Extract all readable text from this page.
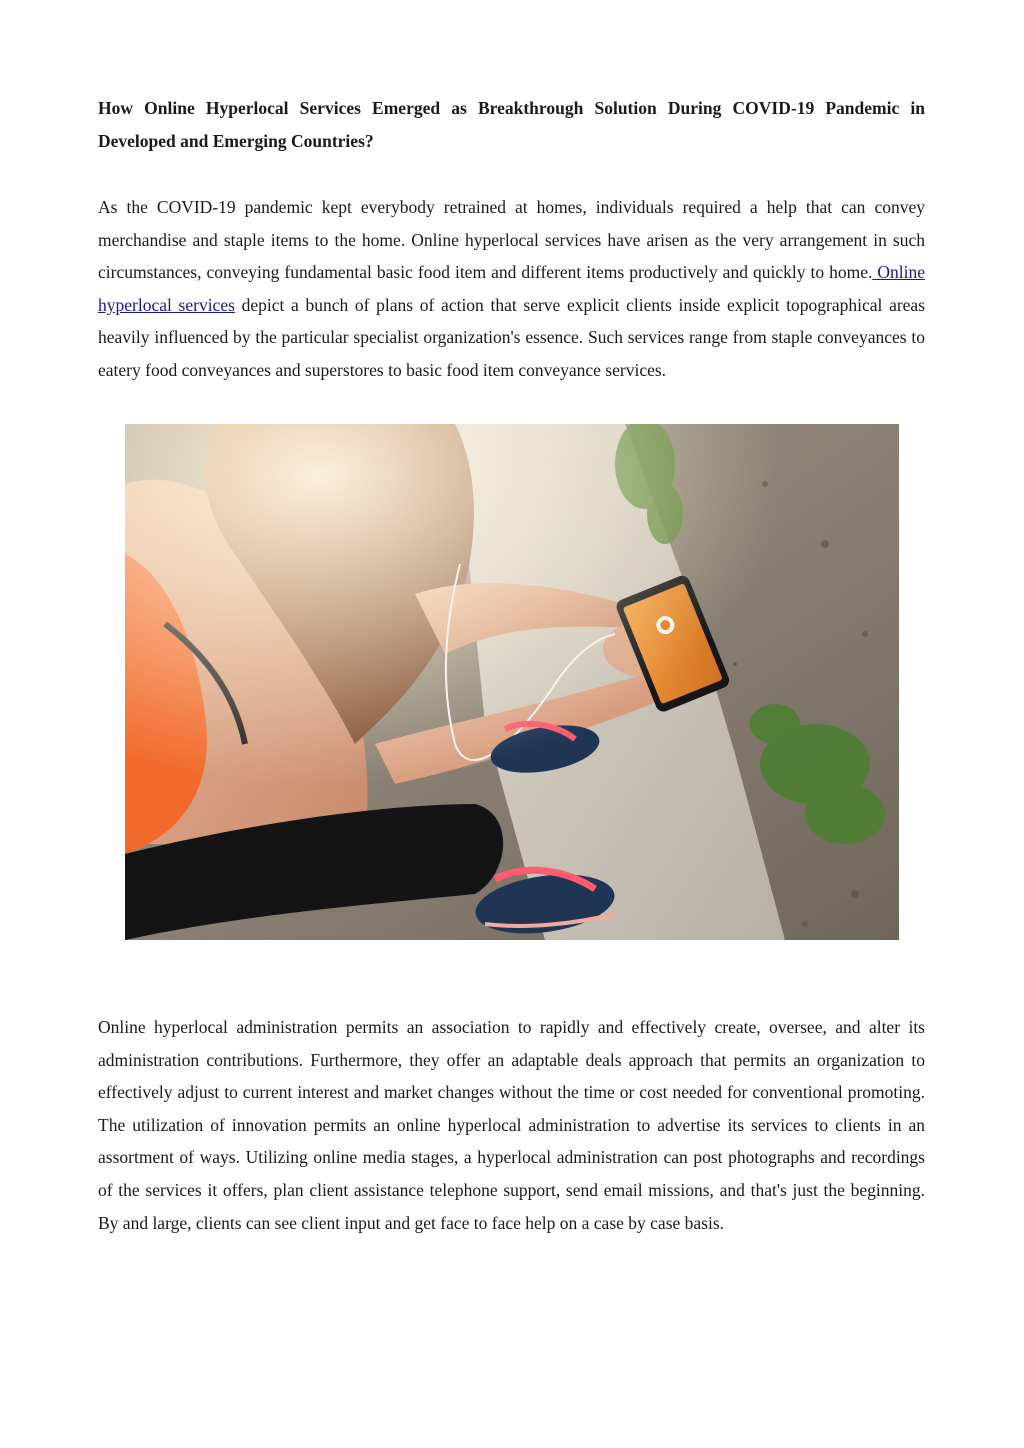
How Online Hyperlocal Services Emerged as Breakthrough Solution During COVID-19 Pandemic in Developed and Emerging Countries?

As the COVID-19 pandemic kept everybody retrained at homes, individuals required a help that can convey merchandise and staple items to the home. Online hyperlocal services have arisen as the very arrangement in such circumstances, conveying fundamental basic food item and different items productively and quickly to home. Online hyperlocal services depict a bunch of plans of action that serve explicit clients inside explicit topographical areas heavily influenced by the particular specialist organization's essence. Such services range from staple conveyances to eatery food conveyances and superstores to basic food item conveyance services.

Online hyperlocal administration permits an association to rapidly and effectively create, oversee, and alter its administration contributions. Furthermore, they offer an adaptable deals approach that permits an organization to effectively adjust to current interest and market changes without the time or cost needed for conventional promoting. The utilization of innovation permits an online hyperlocal administration to advertise its services to clients in an assortment of ways. Utilizing online media stages, a hyperlocal administration can post photographs and recordings of the services it offers, plan client assistance telephone support, send email missions, and that's just the beginning. By and large, clients can see client input and get face to face help on a case by case basis.
